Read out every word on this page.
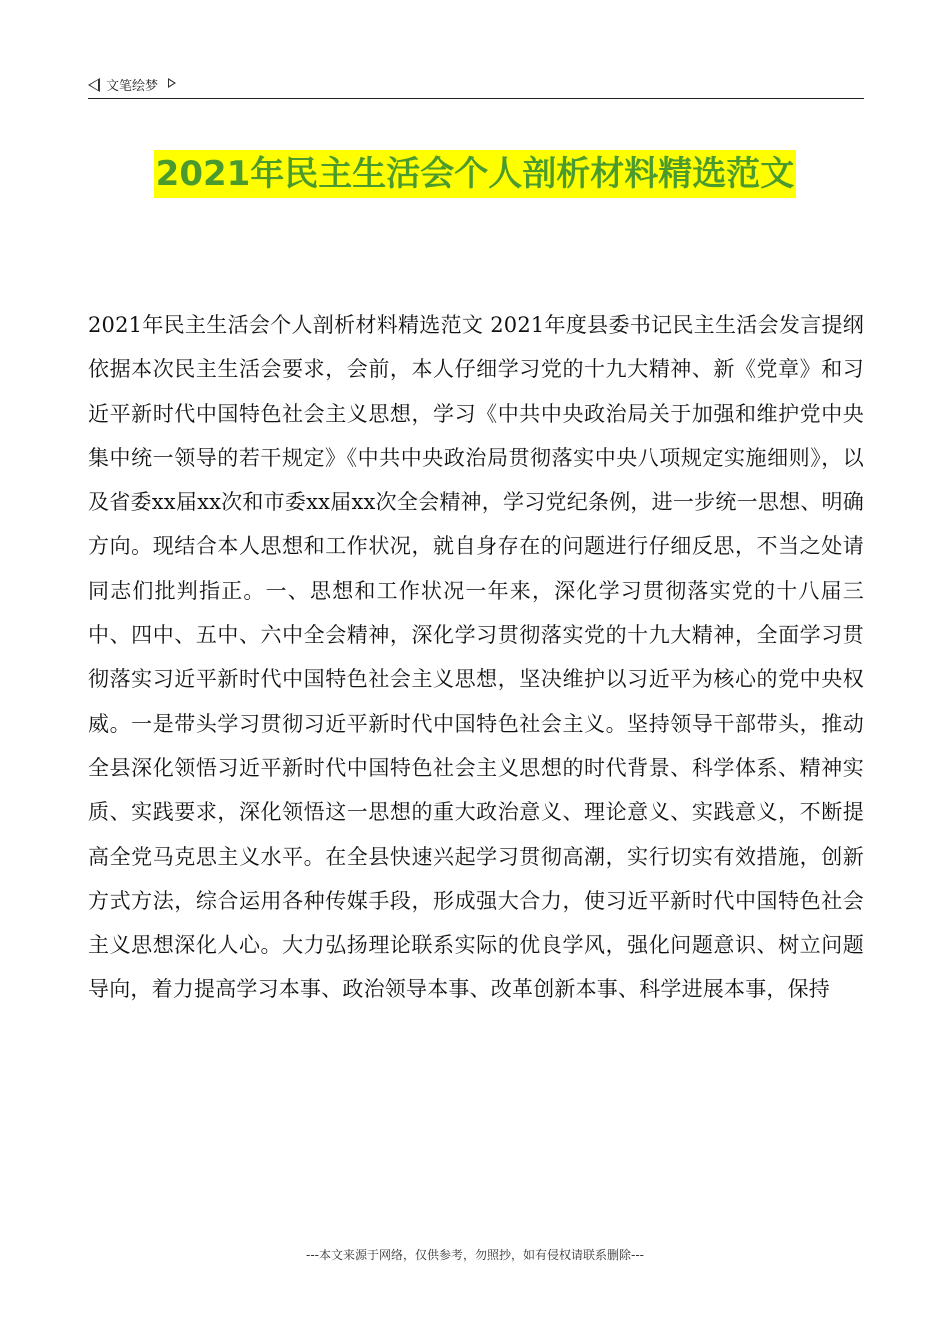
文笔绘梦
2021年民主生活会个人剖析材料精选范文

2021年民主生活会个人剖析材料精选范文 2021年度县委书记民主生活会发言提纲依据本次民主生活会要求，会前，本人仔细学习党的十九大精神、新《党章》和习近平新时代中国特色社会主义思想，学习《中共中央政治局关于加强和维护党中央集中统一领导的若干规定》《中共中央政治局贯彻落实中央八项规定实施细则》，以及省委xx届xx次和市委xx届xx次全会精神，学习党纪条例，进一步统一思想、明确方向。现结合本人思想和工作状况，就自身存在的问题进行仔细反思，不当之处请同志们批判指正。一、思想和工作状况一年来，深化学习贯彻落实党的十八届三中、四中、五中、六中全会精神，深化学习贯彻落实党的十九大精神，全面学习贯彻落实习近平新时代中国特色社会主义思想，坚决维护以习近平为核心的党中央权威。一是带头学习贯彻习近平新时代中国特色社会主义。坚持领导干部带头，推动全县深化领悟习近平新时代中国特色社会主义思想的时代背景、科学体系、精神实质、实践要求，深化领悟这一思想的重大政治意义、理论意义、实践意义，不断提高全党马克思主义水平。在全县快速兴起学习贯彻高潮，实行切实有效措施，创新方式方法，综合运用各种传媒手段，形成强大合力，使习近平新时代中国特色社会主义思想深化人心。大力弘扬理论联系实际的优良学风，强化问题意识、树立问题导向，着力提高学习本事、政治领导本事、改革创新本事、科学进展本事，保持

---本文来源于网络，仅供参考，勿照抄，如有侵权请联系删除---
